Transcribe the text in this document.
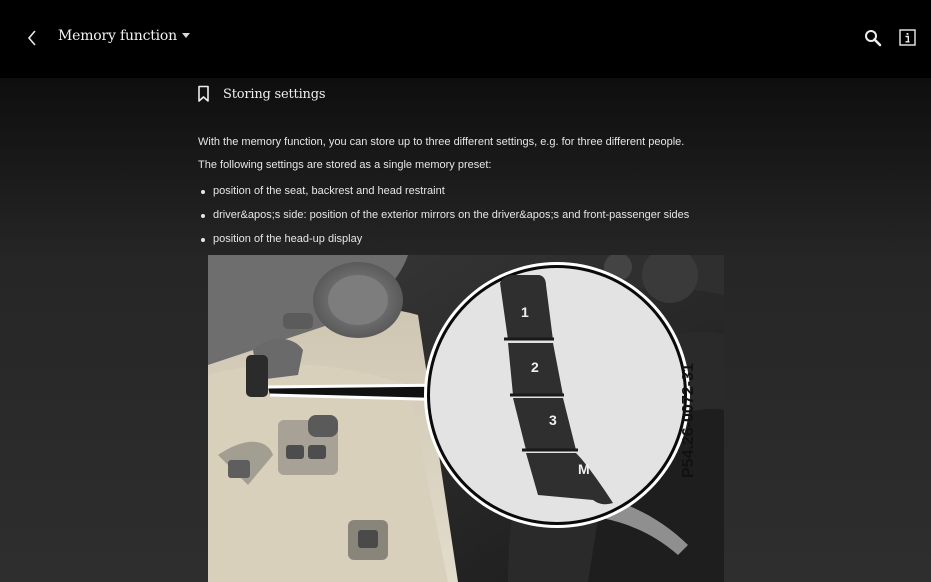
Memory function
Storing settings

With the memory function, you can store up to three different settings, e.g. for three different people.

The following settings are stored as a single memory preset:

position of the seat, backrest and head restraint
driver&apos;s side: position of the exterior mirrors on the driver&apos;s and front-passenger sides
position of the head-up display
1
2
3
M	P54.26-0072-31
